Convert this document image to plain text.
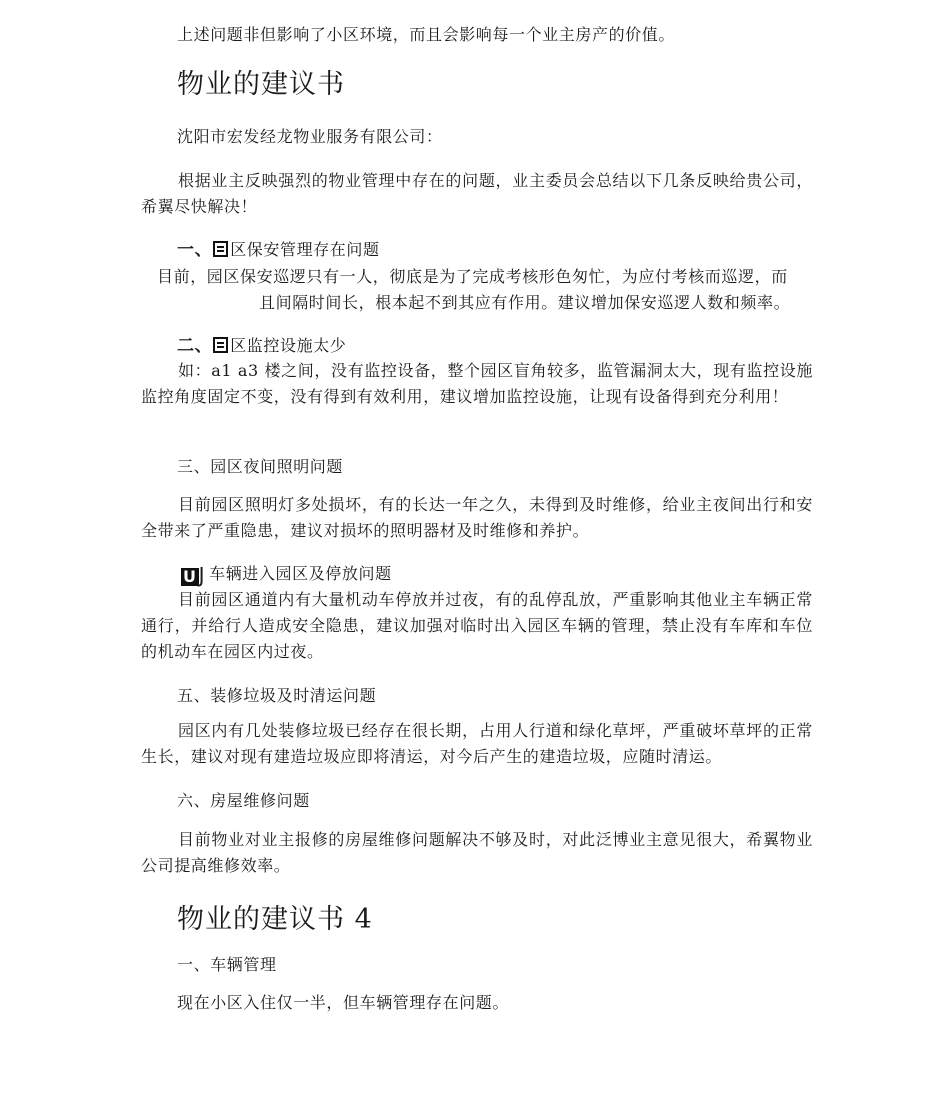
上述问题非但影响了小区环境，而且会影响每一个业主房产的价值。
物业的建议书
沈阳市宏发经龙物业服务有限公司：

根据业主反映强烈的物业管理中存在的问题，业主委员会总结以下几条反映给贵公司，希翼尽快解决！

一、 区保安管理存在问题
目前，园区保安巡逻只有一人，彻底是为了完成考核形色匆忙，为应付考核而巡逻，而
且间隔时间长，根本起不到其应有作用。建议增加保安巡逻人数和频率。
二、 区监控设施太少

如：a1 a3 楼之间，没有监控设备，整个园区盲角较多，监管漏洞太大，现有监控设施监控角度固定不变，没有得到有效利用，建议增加监控设施，让现有设备得到充分利用！

三、园区夜间照明问题

目前园区照明灯多处损坏，有的长达一年之久，未得到及时维修，给业主夜间出行和安全带来了严重隐患，建议对损坏的照明器材及时维修和养护。

U J 车辆进入园区及停放问题

目前园区通道内有大量机动车停放并过夜，有的乱停乱放，严重影响其他业主车辆正常通行，并给行人造成安全隐患，建议加强对临时出入园区车辆的管理，禁止没有车库和车位的机动车在园区内过夜。

五、装修垃圾及时清运问题

园区内有几处装修垃圾已经存在很长期，占用人行道和绿化草坪，严重破坏草坪的正常生长，建议对现有建造垃圾应即将清运，对今后产生的建造垃圾，应随时清运。

六、房屋维修问题

目前物业对业主报修的房屋维修问题解决不够及时，对此泛博业主意见很大，希翼物业公司提高维修效率。

物业的建议书 4
一、车辆管理
现在小区入住仅一半，但车辆管理存在问题。
